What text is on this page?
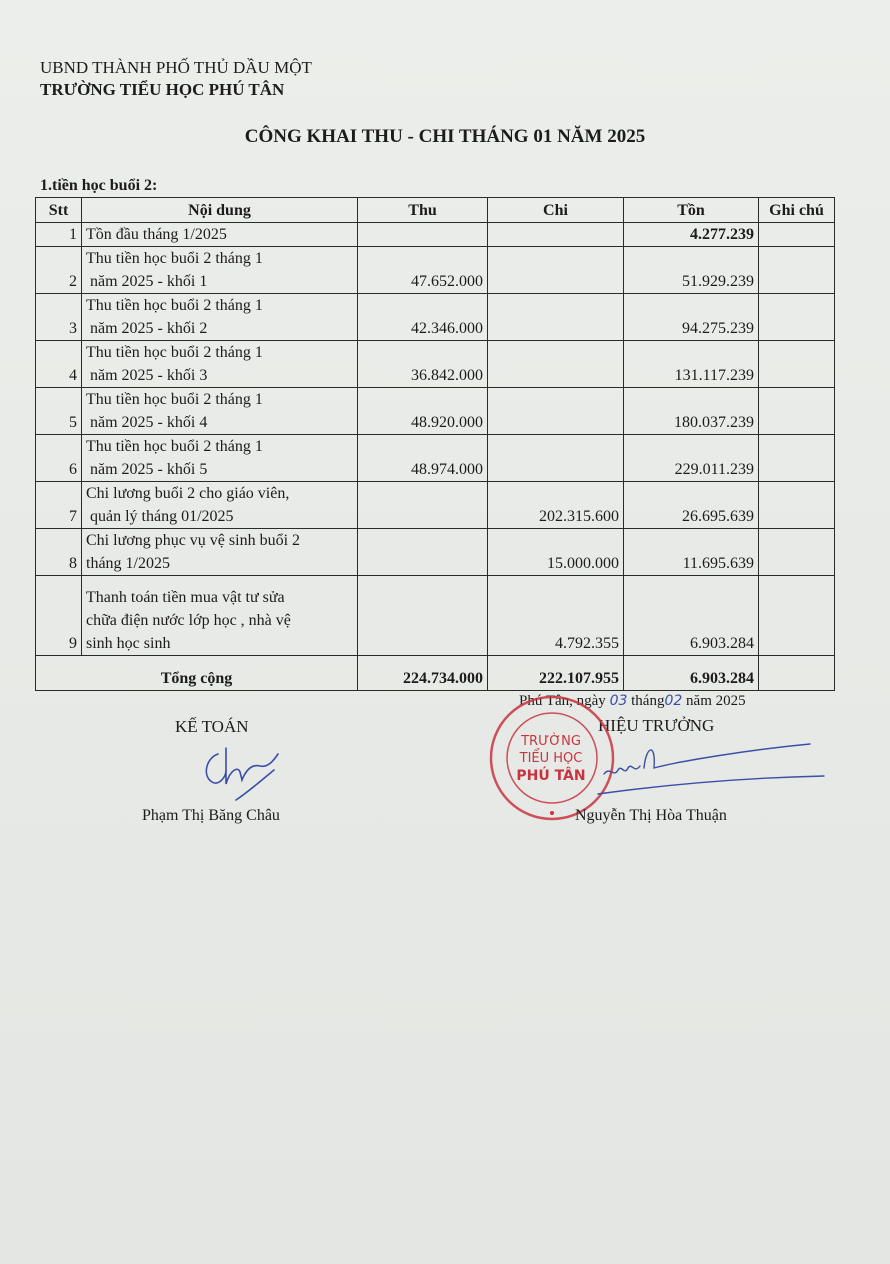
UBND THÀNH PHỐ THỦ DẦU MỘT
TRƯỜNG TIỂU HỌC PHÚ TÂN
CÔNG KHAI THU - CHI THÁNG 01 NĂM 2025
1.tiền học buổi 2:
Stt	Nội dung	Thu	Chi	Tồn	Ghi chú
1	Tồn đầu tháng 1/2025			4.277.239	
2	Thu tiền học buổi 2 tháng 1
năm 2025 - khối 1	47.652.000		51.929.239	
3	Thu tiền học buổi 2 tháng 1
năm 2025 - khối 2	42.346.000		94.275.239	
4	Thu tiền học buổi 2 tháng 1
năm 2025 - khối 3	36.842.000		131.117.239	
5	Thu tiền học buổi 2 tháng 1
năm 2025 - khối 4	48.920.000		180.037.239	
6	Thu tiền học buổi 2 tháng 1
năm 2025 - khối 5	48.974.000		229.011.239	
7	Chi lương buổi 2 cho giáo viên,
quản lý tháng 01/2025		202.315.600	26.695.639	
8	Chi lương phục vụ vệ sinh buổi 2
tháng 1/2025		15.000.000	11.695.639	
9	Thanh toán tiền mua vật tư sửa
chữa điện nước lớp học , nhà vệ
sinh học sinh		4.792.355	6.903.284	
Tổng cộng		224.734.000	222.107.955	6.903.284	
Phú Tân, ngày 03 tháng02 năm 2025
KẾ TOÁN	HIỆU TRƯỞNG
TRƯỜNG
TIỂU HỌC
PHÚ TÂN
Phạm Thị Băng Châu	Nguyễn Thị Hòa Thuận
